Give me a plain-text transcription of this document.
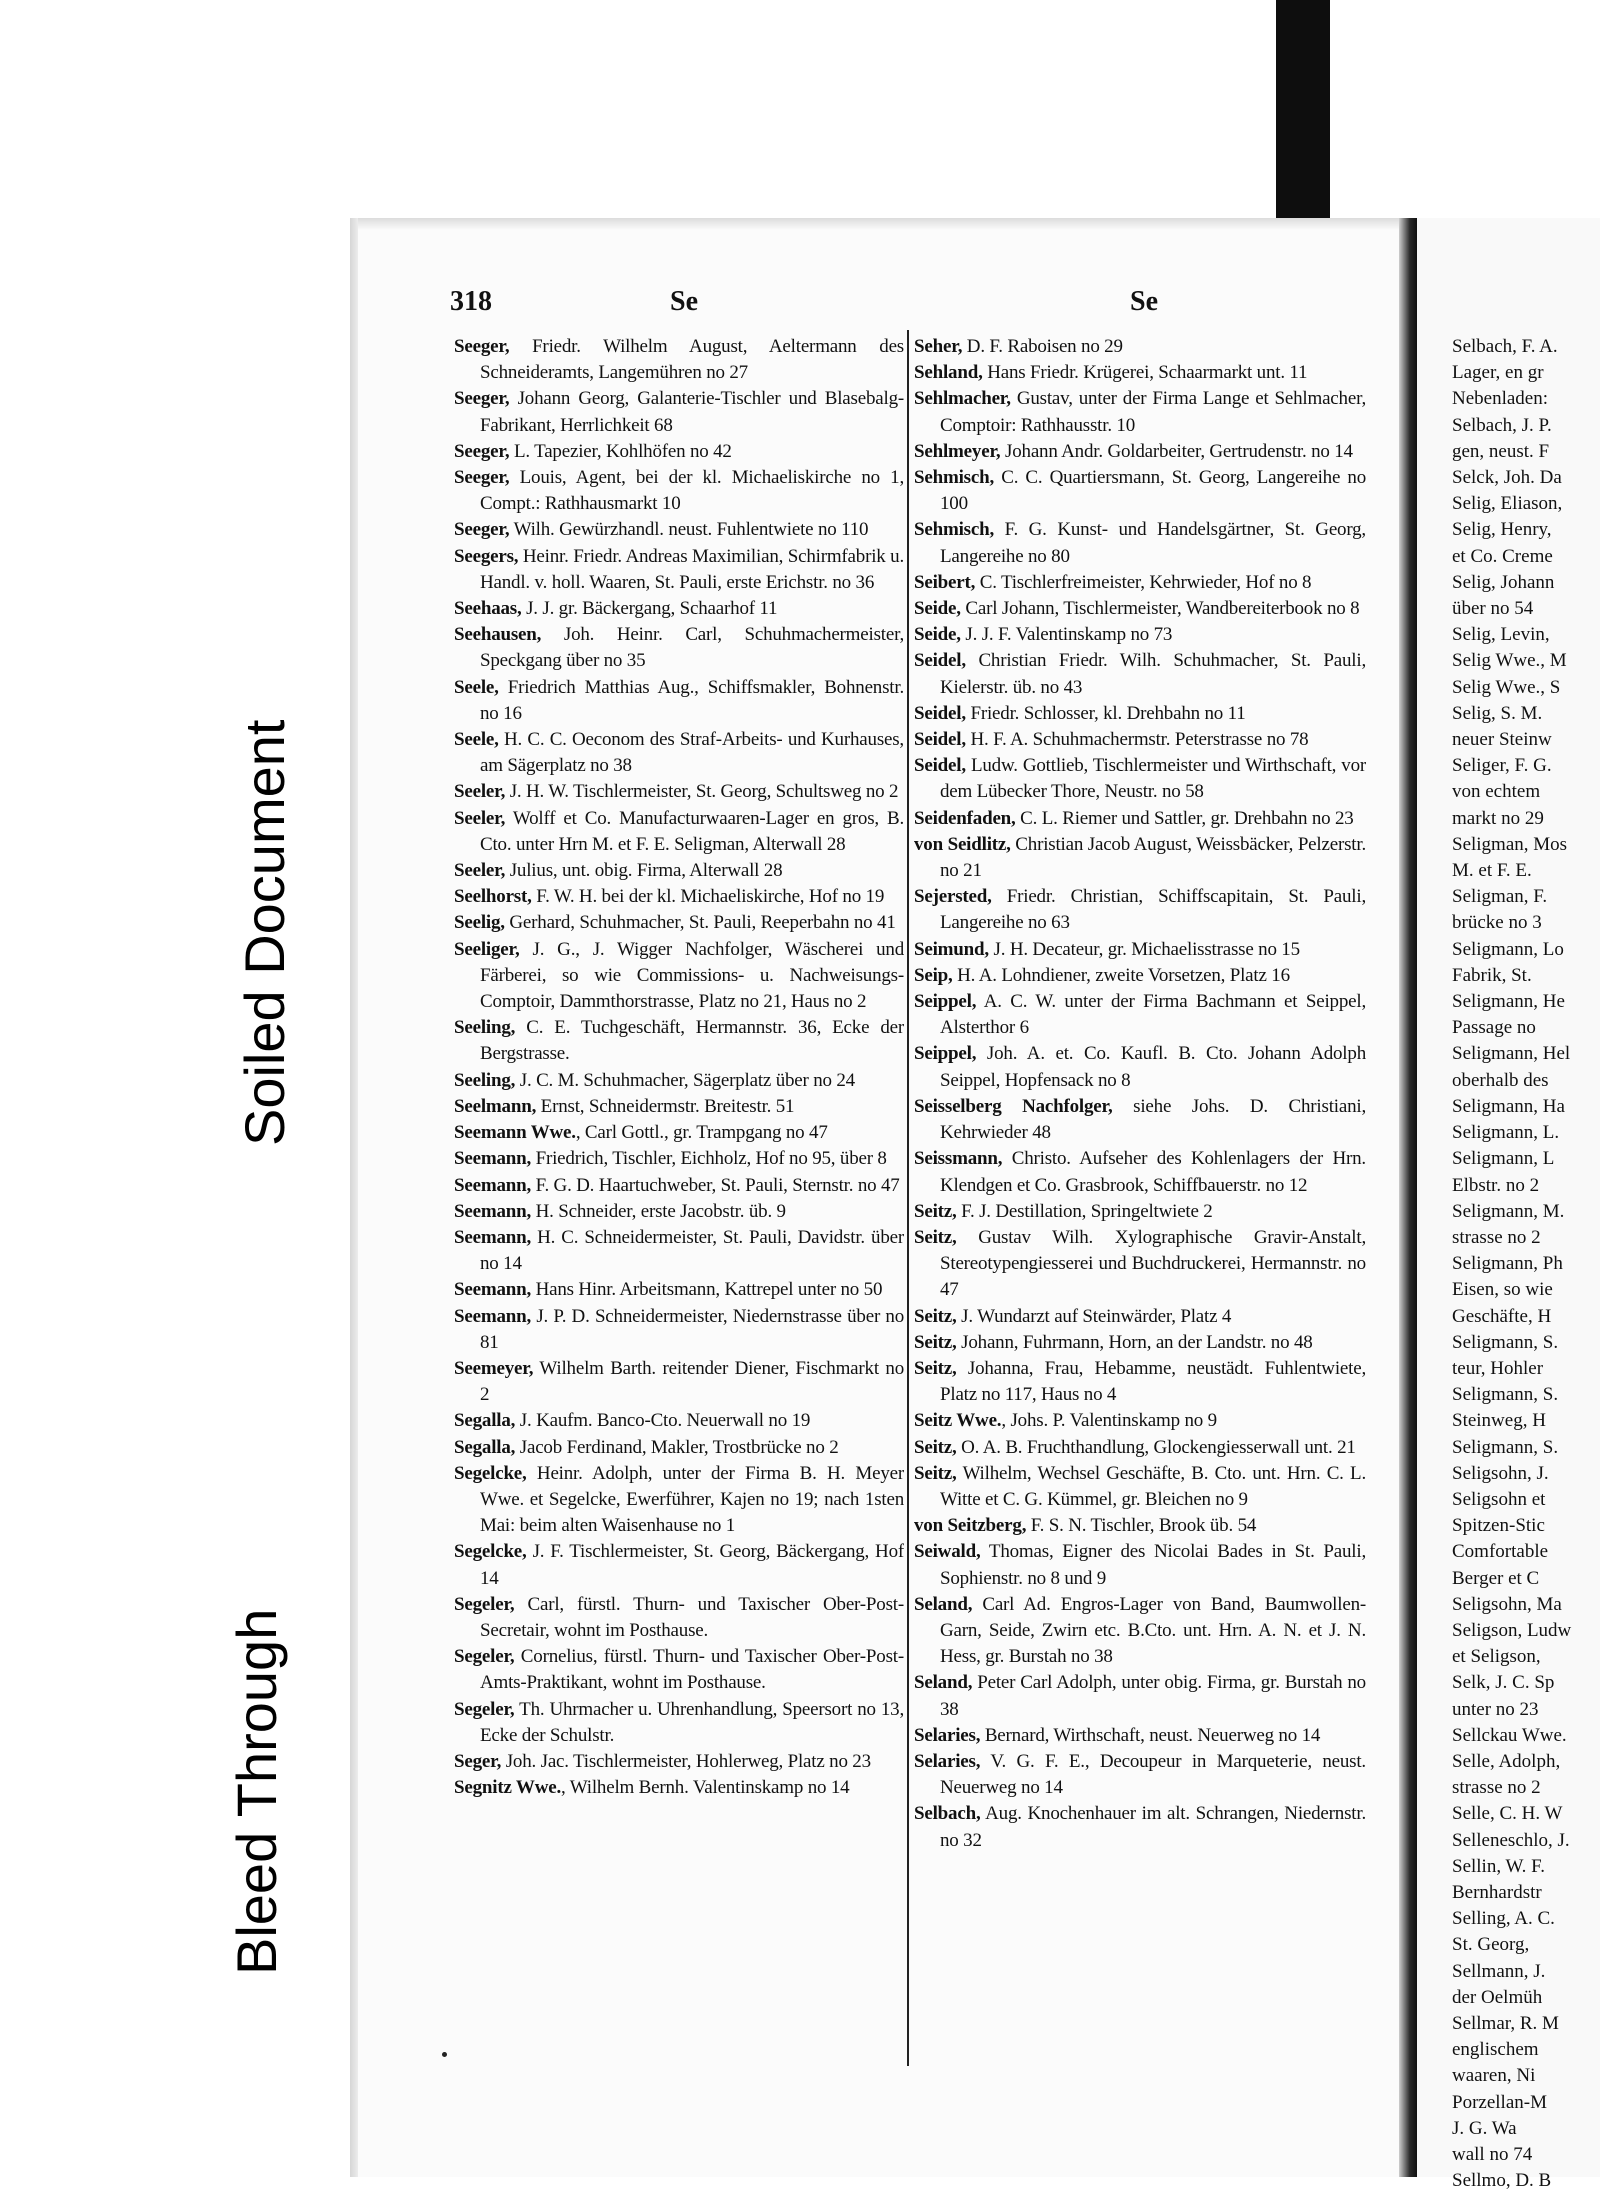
Soiled Document
Bleed Through
318	Se	Se

Seeger, Friedr. Wilhelm August, Aeltermann des Schneideramts, Langemühren no 27

Seeger, Johann Georg, Galanterie-Tischler und Blasebalg-Fabrikant, Herrlichkeit 68

Seeger, L. Tapezier, Kohlhöfen no 42

Seeger, Louis, Agent, bei der kl. Michaeliskirche no 1, Compt.: Rathhausmarkt 10

Seeger, Wilh. Gewürzhandl. neust. Fuhlentwiete no 110

Seegers, Heinr. Friedr. Andreas Maximilian, Schirmfabrik u. Handl. v. holl. Waaren, St. Pauli, erste Erichstr. no 36

Seehaas, J. J. gr. Bäckergang, Schaarhof 11

Seehausen, Joh. Heinr. Carl, Schuhmachermeister, Speckgang über no 35

Seele, Friedrich Matthias Aug., Schiffsmakler, Bohnenstr. no 16

Seele, H. C. C. Oeconom des Straf-Arbeits- und Kurhauses, am Sägerplatz no 38

Seeler, J. H. W. Tischlermeister, St. Georg, Schultsweg no 2

Seeler, Wolff et Co. Manufacturwaaren-Lager en gros, B. Cto. unter Hrn M. et F. E. Seligman, Alterwall 28

Seeler, Julius, unt. obig. Firma, Alterwall 28

Seelhorst, F. W. H. bei der kl. Michaeliskirche, Hof no 19

Seelig, Gerhard, Schuhmacher, St. Pauli, Reeperbahn no 41

Seeliger, J. G., J. Wigger Nachfolger, Wäscherei und Färberei, so wie Commissions- u. Nachweisungs-Comptoir, Dammthorstrasse, Platz no 21, Haus no 2

Seeling, C. E. Tuchgeschäft, Hermannstr. 36, Ecke der Bergstrasse.

Seeling, J. C. M. Schuhmacher, Sägerplatz über no 24

Seelmann, Ernst, Schneidermstr. Breitestr. 51

Seemann Wwe., Carl Gottl., gr. Trampgang no 47

Seemann, Friedrich, Tischler, Eichholz, Hof no 95, über 8

Seemann, F. G. D. Haartuchweber, St. Pauli, Sternstr. no 47

Seemann, H. Schneider, erste Jacobstr. üb. 9

Seemann, H. C. Schneidermeister, St. Pauli, Davidstr. über no 14

Seemann, Hans Hinr. Arbeitsmann, Kattrepel unter no 50

Seemann, J. P. D. Schneidermeister, Niedernstrasse über no 81

Seemeyer, Wilhelm Barth. reitender Diener, Fischmarkt no 2

Segalla, J. Kaufm. Banco-Cto. Neuerwall no 19

Segalla, Jacob Ferdinand, Makler, Trostbrücke no 2

Segelcke, Heinr. Adolph, unter der Firma B. H. Meyer Wwe. et Segelcke, Ewerführer, Kajen no 19; nach 1sten Mai: beim alten Waisenhause no 1

Segelcke, J. F. Tischlermeister, St. Georg, Bäckergang, Hof 14

Segeler, Carl, fürstl. Thurn- und Taxischer Ober-Post-Secretair, wohnt im Posthause.

Segeler, Cornelius, fürstl. Thurn- und Taxischer Ober-Post-Amts-Praktikant, wohnt im Posthause.

Segeler, Th. Uhrmacher u. Uhrenhandlung, Speersort no 13, Ecke der Schulstr.

Seger, Joh. Jac. Tischlermeister, Hohlerweg, Platz no 23

Segnitz Wwe., Wilhelm Bernh. Valentinskamp no 14

Seher, D. F. Raboisen no 29

Sehland, Hans Friedr. Krügerei, Schaarmarkt unt. 11

Sehlmacher, Gustav, unter der Firma Lange et Sehlmacher, Comptoir: Rathhausstr. 10

Sehlmeyer, Johann Andr. Goldarbeiter, Gertrudenstr. no 14

Sehmisch, C. C. Quartiersmann, St. Georg, Langereihe no 100

Sehmisch, F. G. Kunst- und Handelsgärtner, St. Georg, Langereihe no 80

Seibert, C. Tischlerfreimeister, Kehrwieder, Hof no 8

Seide, Carl Johann, Tischlermeister, Wandbereiterbook no 8

Seide, J. J. F. Valentinskamp no 73

Seidel, Christian Friedr. Wilh. Schuhmacher, St. Pauli, Kielerstr. üb. no 43

Seidel, Friedr. Schlosser, kl. Drehbahn no 11

Seidel, H. F. A. Schuhmachermstr. Peterstrasse no 78

Seidel, Ludw. Gottlieb, Tischlermeister und Wirthschaft, vor dem Lübecker Thore, Neustr. no 58

Seidenfaden, C. L. Riemer und Sattler, gr. Drehbahn no 23

von Seidlitz, Christian Jacob August, Weissbäcker, Pelzerstr. no 21

Sejersted, Friedr. Christian, Schiffscapitain, St. Pauli, Langereihe no 63

Seimund, J. H. Decateur, gr. Michaelisstrasse no 15

Seip, H. A. Lohndiener, zweite Vorsetzen, Platz 16

Seippel, A. C. W. unter der Firma Bachmann et Seippel, Alsterthor 6

Seippel, Joh. A. et. Co. Kaufl. B. Cto. Johann Adolph Seippel, Hopfensack no 8

Seisselberg Nachfolger, siehe Johs. D. Christiani, Kehrwieder 48

Seissmann, Christo. Aufseher des Kohlenlagers der Hrn. Klendgen et Co. Grasbrook, Schiffbauerstr. no 12

Seitz, F. J. Destillation, Springeltwiete 2

Seitz, Gustav Wilh. Xylographische Gravir-Anstalt, Stereotypengiesserei und Buchdruckerei, Hermannstr. no 47

Seitz, J. Wundarzt auf Steinwärder, Platz 4

Seitz, Johann, Fuhrmann, Horn, an der Landstr. no 48

Seitz, Johanna, Frau, Hebamme, neustädt. Fuhlentwiete, Platz no 117, Haus no 4

Seitz Wwe., Johs. P. Valentinskamp no 9

Seitz, O. A. B. Fruchthandlung, Glockengiesserwall unt. 21

Seitz, Wilhelm, Wechsel Geschäfte, B. Cto. unt. Hrn. C. L. Witte et C. G. Kümmel, gr. Bleichen no 9

von Seitzberg, F. S. N. Tischler, Brook üb. 54

Seiwald, Thomas, Eigner des Nicolai Bades in St. Pauli, Sophienstr. no 8 und 9

Seland, Carl Ad. Engros-Lager von Band, Baumwollen-Garn, Seide, Zwirn etc. B.Cto. unt. Hrn. A. N. et J. N. Hess, gr. Burstah no 38

Seland, Peter Carl Adolph, unter obig. Firma, gr. Burstah no 38

Selaries, Bernard, Wirthschaft, neust. Neuerweg no 14

Selaries, V. G. F. E., Decoupeur in Marqueterie, neust. Neuerweg no 14

Selbach, Aug. Knochenhauer im alt. Schrangen, Niedernstr. no 32

Selbach, F. A.

Lager, en gr

Nebenladen:

Selbach, J. P.

gen, neust. F

Selck, Joh. Da

Selig, Eliason,

Selig, Henry,

et Co. Creme

Selig, Johann

über no 54

Selig, Levin,

Selig Wwe., M

Selig Wwe., S

Selig, S. M.

neuer Steinw

Seliger, F. G.

von echtem

markt no 29

Seligman, Mos

M. et F. E.

Seligman, F.

brücke no 3

Seligmann, Lo

Fabrik, St.

Seligmann, He

Passage no

Seligmann, Hel

oberhalb des

Seligmann, Ha

Seligmann, L.

Seligmann, L

Elbstr. no 2

Seligmann, M.

strasse no 2

Seligmann, Ph

Eisen, so wie

Geschäfte, H

Seligmann, S.

teur, Hohler

Seligmann, S.

Steinweg, H

Seligmann, S.

Seligsohn, J.

Seligsohn et

Spitzen-Stic

Comfortable

Berger et C

Seligsohn, Ma

Seligson, Ludw

et Seligson,

Selk, J. C. Sp

unter no 23

Sellckau Wwe.

Selle, Adolph,

strasse no 2

Selle, C. H. W

Selleneschlo, J.

Sellin, W. F.

Bernhardstr

Selling, A. C.

St. Georg,

Sellmann, J.

der Oelmüh

Sellmar, R. M

englischem

waaren, Ni

Porzellan-M

J. G. Wa

wall no 74

Sellmo, D. B
